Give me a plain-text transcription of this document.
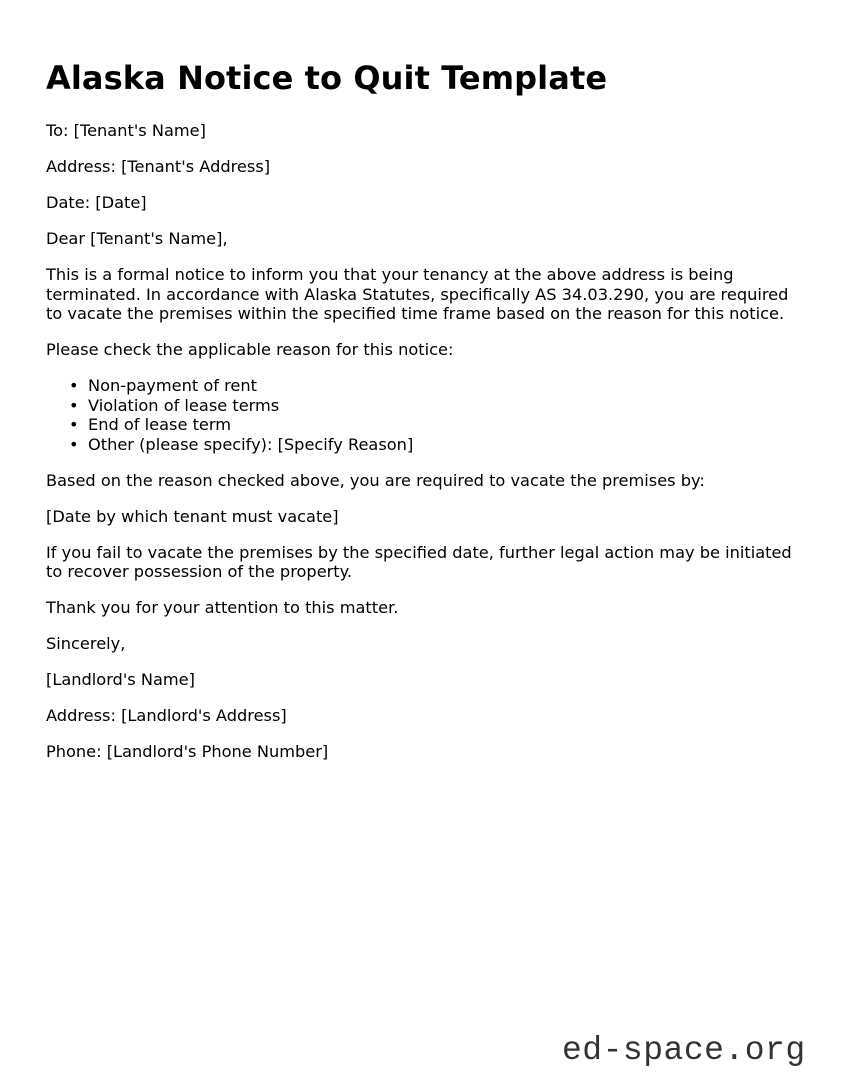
Alaska Notice to Quit Template

To: [Tenant's Name]

Address: [Tenant's Address]

Date: [Date]

Dear [Tenant's Name],

This is a formal notice to inform you that your tenancy at the above address is being terminated. In accordance with Alaska Statutes, specifically AS 34.03.290, you are required to vacate the premises within the specified time frame based on the reason for this notice.

Please check the applicable reason for this notice:

• Non-payment of rent
• Violation of lease terms
• End of lease term
• Other (please specify): [Specify Reason]

Based on the reason checked above, you are required to vacate the premises by:

[Date by which tenant must vacate]

If you fail to vacate the premises by the specified date, further legal action may be initiated to recover possession of the property.

Thank you for your attention to this matter.

Sincerely,

[Landlord's Name]

Address: [Landlord's Address]

Phone: [Landlord's Phone Number]

ed-space.org
